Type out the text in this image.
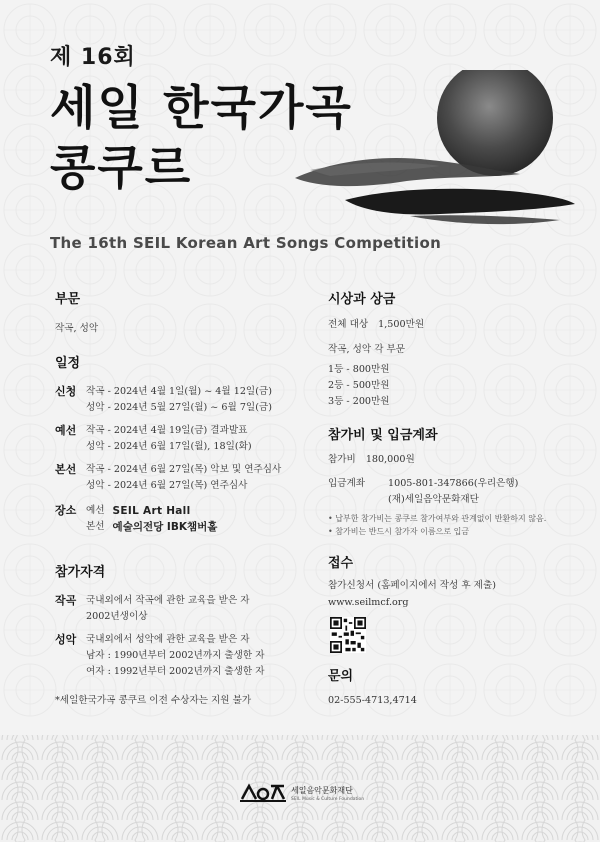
제 16회
세일 한국가곡
콩쿠르
The 16th SEIL Korean Art Songs Competition
부문
작곡, 성악
일정
신청	작곡 - 2024년 4월 1일(월) ~ 4월 12일(금)
성악 - 2024년 5월 27일(월) ~ 6월 7일(금)
예선	작곡 - 2024년 4월 19일(금) 결과발표
성악 - 2024년 6월 17일(월), 18일(화)
본선	작곡 - 2024년 6월 27일(목) 악보 및 연주심사
성악 - 2024년 6월 27일(목) 연주심사
장소	예선 SEIL Art Hall
본선 예술의전당 IBK챔버홀
참가자격
작곡	국내외에서 작곡에 관한 교육을 받은 자
2002년생이상
성악	국내외에서 성악에 관한 교육을 받은 자
남자 : 1990년부터 2002년까지 출생한 자
여자 : 1992년부터 2002년까지 출생한 자
*세일한국가곡 콩쿠르 이전 수상자는 지원 불가
시상과 상금
전체 대상 1,500만원
작곡, 성악 각 부문
1등 - 800만원
2등 - 500만원
3등 - 200만원
참가비 및 입금계좌
참가비 180,000원
입금계좌	1005-801-347866(우리은행)
(재)세일음악문화재단
• 납부한 참가비는 콩쿠르 참가여부와 관계없이 반환하지 않음.
• 참가비는 반드시 참가자 이름으로 입금
접수
참가신청서 (홈페이지에서 작성 후 제출)
www.seilmcf.org
문의
02-555-4713,4714
세일음악문화재단
SEIL Music & Culture Foundation
